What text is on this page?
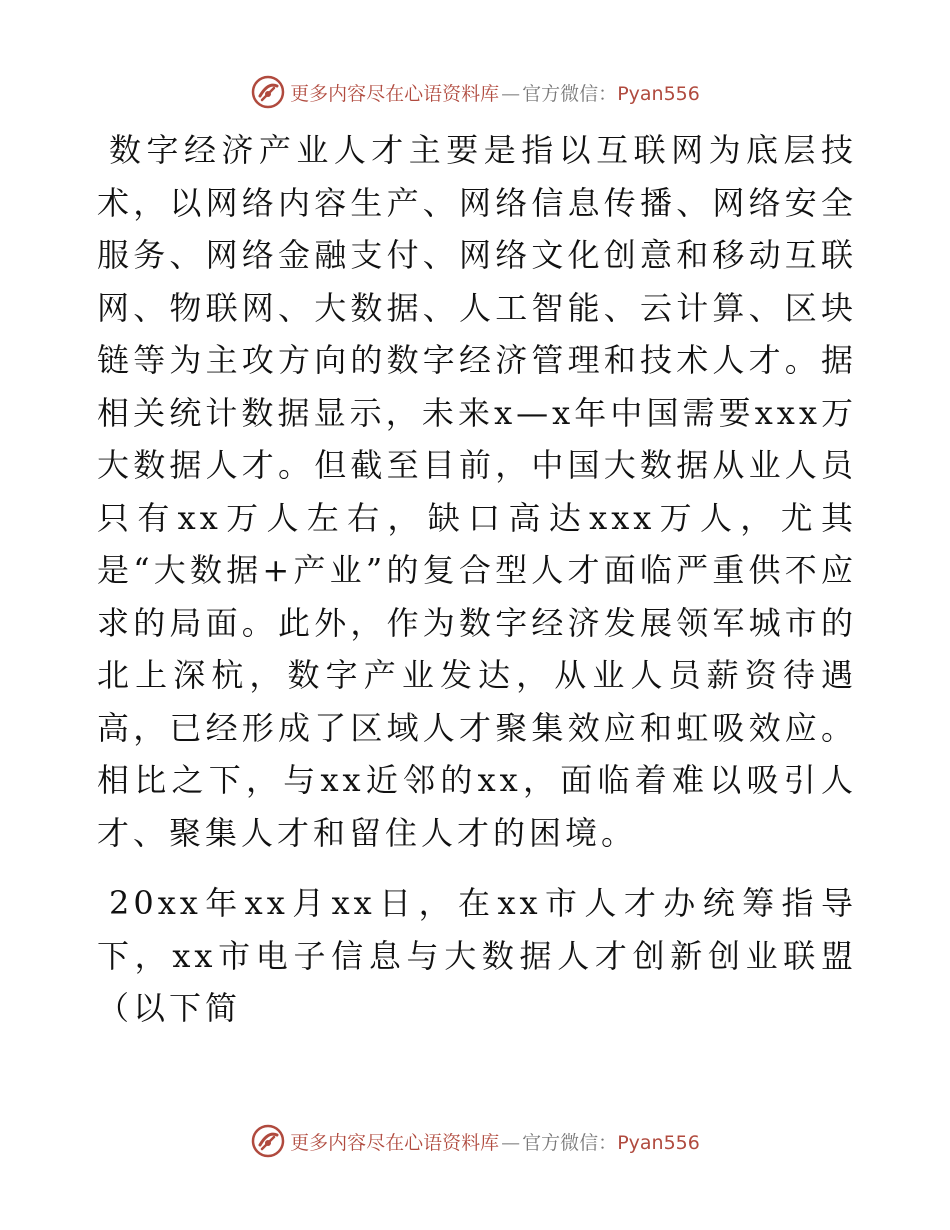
更多内容尽在心语资料库 — 官方微信：Pyan556

数字经济产业人才主要是指以互联网为底层技术，以网络内容生产、网络信息传播、网络安全服务、网络金融支付、网络文化创意和移动互联网、物联网、大数据、人工智能、云计算、区块链等为主攻方向的数字经济管理和技术人才。据相关统计数据显示，未来x—x年中国需要xxx万大数据人才。但截至目前，中国大数据从业人员只有xx万人左右，缺口高达xxx万人，尤其是“大数据+产业”的复合型人才面临严重供不应求的局面。此外，作为数字经济发展领军城市的北上深杭，数字产业发达，从业人员薪资待遇高，已经形成了区域人才聚集效应和虹吸效应。相比之下，与xx近邻的xx，面临着难以吸引人才、聚集人才和留住人才的困境。

20xx年xx月xx日，在xx市人才办统筹指导下，xx市电子信息与大数据人才创新创业联盟（以下简

更多内容尽在心语资料库 — 官方微信：Pyan556
